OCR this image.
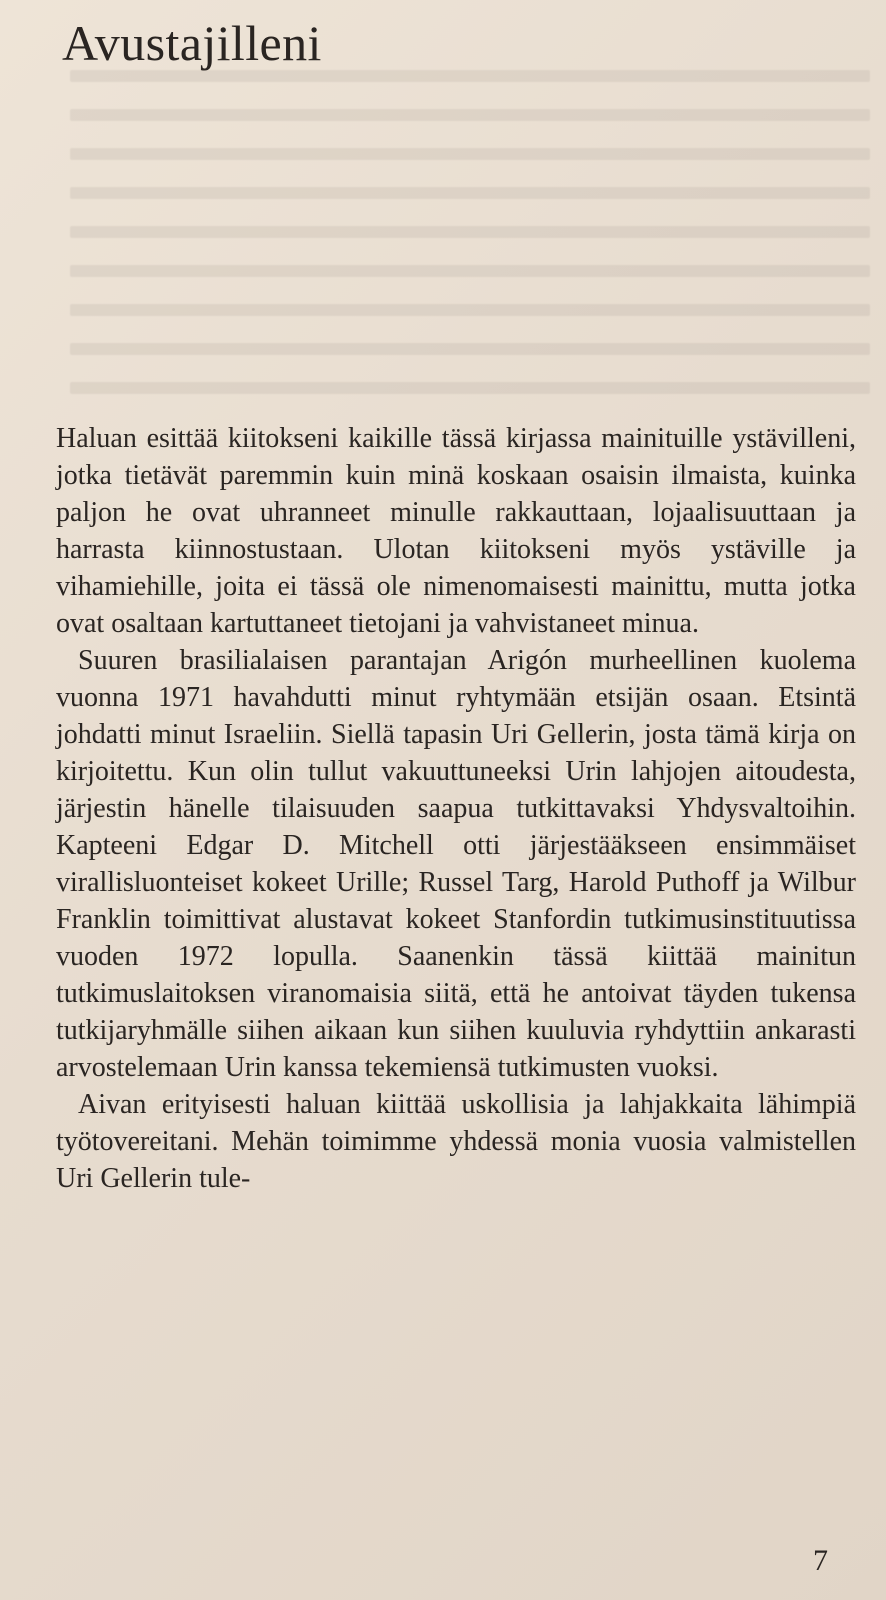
Avustajilleni

Haluan esittää kiitokseni kaikille tässä kirjassa mainituille ystävilleni, jotka tietävät paremmin kuin minä koskaan osaisin ilmaista, kuinka paljon he ovat uhranneet minulle rakkauttaan, lojaalisuuttaan ja harrasta kiinnostustaan. Ulotan kiitokseni myös ystäville ja vihamiehille, joita ei tässä ole nimenomaisesti mainittu, mutta jotka ovat osaltaan kartuttaneet tietojani ja vahvistaneet minua.

Suuren brasilialaisen parantajan Arigón murheellinen kuolema vuonna 1971 havahdutti minut ryhtymään etsijän osaan. Etsintä johdatti minut Israeliin. Siellä tapasin Uri Gellerin, josta tämä kirja on kirjoitettu. Kun olin tullut vakuuttuneeksi Urin lahjojen aitoudesta, järjestin hänelle tilaisuuden saapua tutkittavaksi Yhdysvaltoihin. Kapteeni Edgar D. Mitchell otti järjestääkseen ensimmäiset virallisluonteiset kokeet Urille; Russel Targ, Harold Puthoff ja Wilbur Franklin toimittivat alustavat kokeet Stanfordin tutkimusinstituutissa vuoden 1972 lopulla. Saanenkin tässä kiittää mainitun tutkimuslaitoksen viranomaisia siitä, että he antoivat täyden tukensa tutkijaryhmälle siihen aikaan kun siihen kuuluvia ryhdyttiin ankarasti arvostelemaan Urin kanssa tekemiensä tutkimusten vuoksi.

Aivan erityisesti haluan kiittää uskollisia ja lahjakkaita lähimpiä työtovereitani. Mehän toimimme yhdessä monia vuosia valmistellen Uri Gellerin tule-

7
